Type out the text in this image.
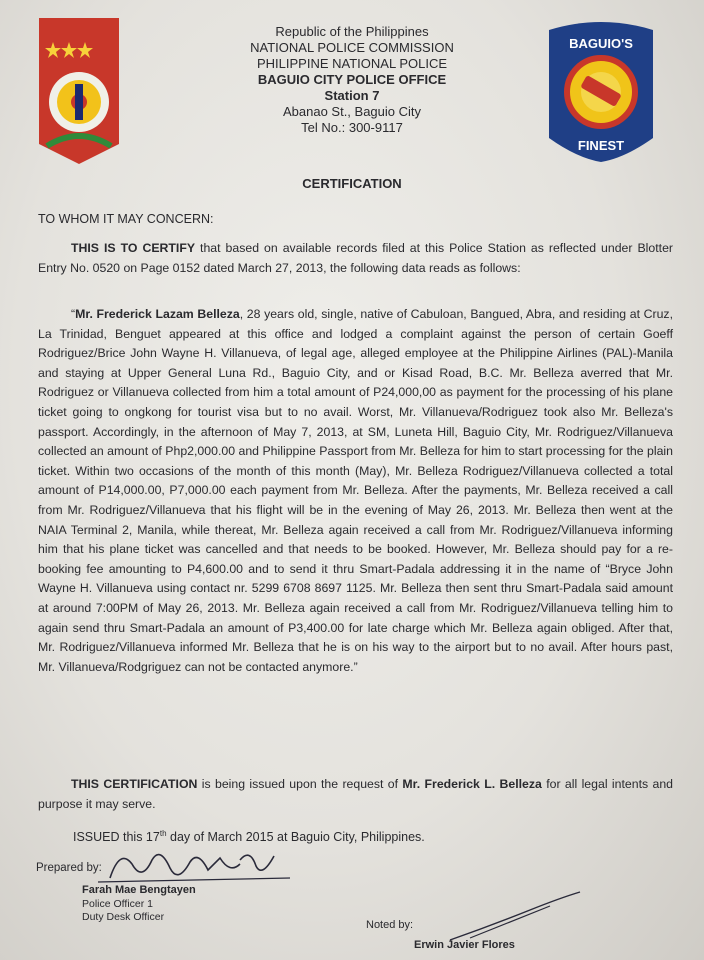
BAGUIO'S
FINEST
Republic of the Philippines
NATIONAL POLICE COMMISSION
PHILIPPINE NATIONAL POLICE
BAGUIO CITY POLICE OFFICE
Station 7
Abanao St., Baguio City
Tel No.: 300-9117
CERTIFICATION
TO WHOM IT MAY CONCERN:
THIS IS TO CERTIFY that based on available records filed at this Police Station as reflected under Blotter Entry No. 0520 on Page 0152 dated March 27, 2013, the following data reads as follows:
“Mr. Frederick Lazam Belleza, 28 years old, single, native of Cabuloan, Bangued, Abra, and residing at Cruz, La Trinidad, Benguet appeared at this office and lodged a complaint against the person of certain Goeff Rodriguez/Brice John Wayne H. Villanueva, of legal age, alleged employee at the Philippine Airlines (PAL)-Manila and staying at Upper General Luna Rd., Baguio City, and or Kisad Road, B.C. Mr. Belleza averred that Mr. Rodriguez or Villanueva collected from him a total amount of P24,000,00 as payment for the processing of his plane ticket going to ongkong for tourist visa but to no avail. Worst, Mr. Villanueva/Rodriguez took also Mr. Belleza's passport. Accordingly, in the afternoon of May 7, 2013, at SM, Luneta Hill, Baguio City, Mr. Rodriguez/Villanueva collected an amount of Php2,000.00 and Philippine Passport from Mr. Belleza for him to start processing for the plain ticket. Within two occasions of the month of this month (May), Mr. Belleza Rodriguez/Villanueva collected a total amount of P14,000.00, P7,000.00 each payment from Mr. Belleza. After the payments, Mr. Belleza received a call from Mr. Rodriguez/Villanueva that his flight will be in the evening of May 26, 2013. Mr. Belleza then went at the NAIA Terminal 2, Manila, while thereat, Mr. Belleza again received a call from Mr. Rodriguez/Villanueva informing him that his plane ticket was cancelled and that needs to be booked. However, Mr. Belleza should pay for a re-booking fee amounting to P4,600.00 and to send it thru Smart-Padala addressing it in the name of “Bryce John Wayne H. Villanueva using contact nr. 5299 6708 8697 1125. Mr. Belleza then sent thru Smart-Padala said amount at around 7:00PM of May 26, 2013. Mr. Belleza again received a call from Mr. Rodriguez/Villanueva telling him to again send thru Smart-Padala an amount of P3,400.00 for late charge which Mr. Belleza again obliged. After that, Mr. Rodriguez/Villanueva informed Mr. Belleza that he is on his way to the airport but to no avail. After hours past, Mr. Villanueva/Rodgriguez can not be contacted anymore.”
THIS CERTIFICATION is being issued upon the request of Mr. Frederick L. Belleza for all legal intents and purpose it may serve.
ISSUED this 17th day of March 2015 at Baguio City, Philippines.
Prepared by:
Farah Mae Bengtayen
Police Officer 1
Duty Desk Officer
Noted by:
Erwin Javier Flores
